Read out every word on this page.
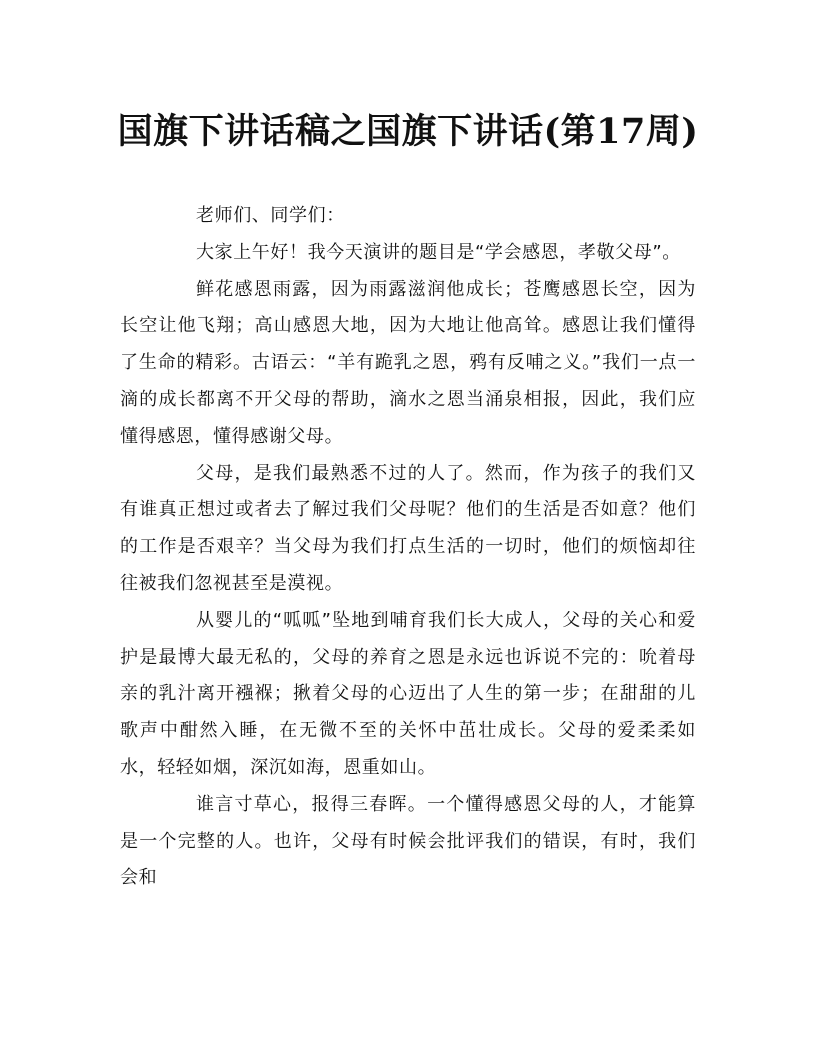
国旗下讲话稿之国旗下讲话(第17周)

老师们、同学们：

大家上午好！我今天演讲的题目是“学会感恩，孝敬父母”。

鲜花感恩雨露，因为雨露滋润他成长；苍鹰感恩长空，因为长空让他飞翔；高山感恩大地，因为大地让他高耸。感恩让我们懂得了生命的精彩。古语云：“羊有跪乳之恩，鸦有反哺之义。”我们一点一滴的成长都离不开父母的帮助，滴水之恩当涌泉相报，因此，我们应懂得感恩，懂得感谢父母。

父母，是我们最熟悉不过的人了。然而，作为孩子的我们又有谁真正想过或者去了解过我们父母呢？他们的生活是否如意？他们的工作是否艰辛？当父母为我们打点生活的一切时，他们的烦恼却往往被我们忽视甚至是漠视。

从婴儿的“呱呱”坠地到哺育我们长大成人，父母的关心和爱护是最博大最无私的，父母的养育之恩是永远也诉说不完的：吮着母亲的乳汁离开襁褓；揪着父母的心迈出了人生的第一步；在甜甜的儿歌声中酣然入睡，在无微不至的关怀中茁壮成长。父母的爱柔柔如水，轻轻如烟，深沉如海，恩重如山。

谁言寸草心，报得三春晖。一个懂得感恩父母的人，才能算是一个完整的人。也许，父母有时候会批评我们的错误，有时，我们会和
